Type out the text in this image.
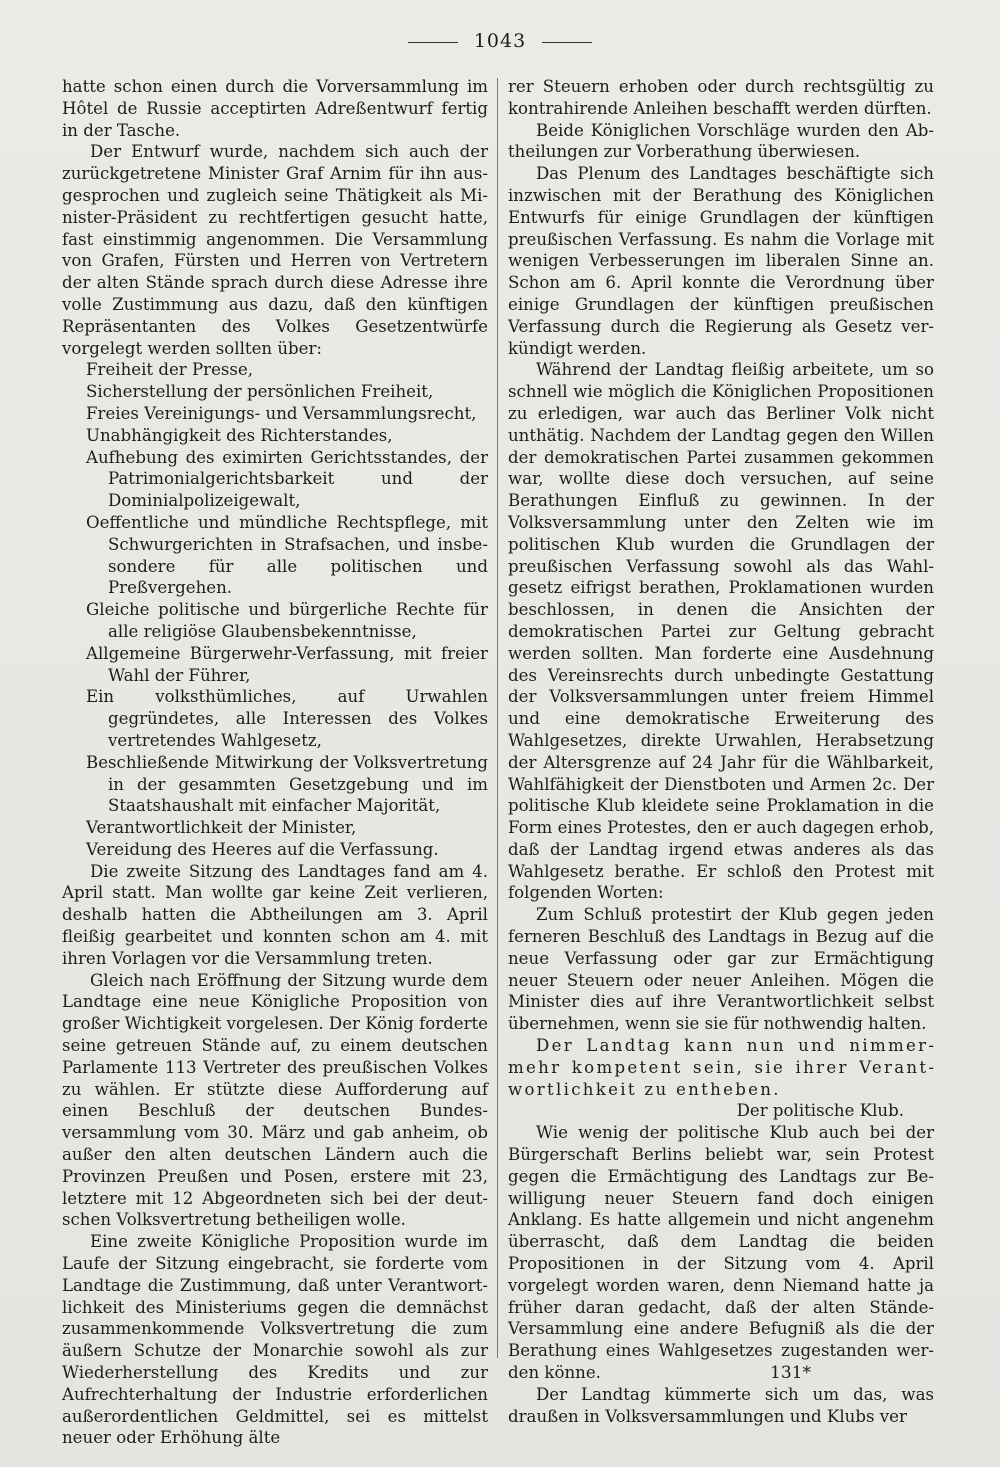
1043

hatte schon einen durch die Vorversammlung im Hôtel de Russie acceptirten Adreßentwurf fertig in der Tasche.

Der Entwurf wurde, nachdem sich auch der zurückgetretene Minister Graf Arnim für ihn ausgesprochen und zugleich seine Thätigkeit als Minister-Präsident zu rechtfertigen gesucht hatte, fast einstimmig angenommen. Die Versammlung von Grafen, Fürsten und Herren von Vertretern der alten Stände sprach durch diese Adresse ihre volle Zustimmung aus dazu, daß den künftigen Repräsentanten des Volkes Gesetzentwürfe vorgelegt werden sollten über:

Freiheit der Presse,

Sicherstellung der persönlichen Freiheit,

Freies Vereinigungs- und Versammlungsrecht,

Unabhängigkeit des Richterstandes,

Aufhebung des eximirten Gerichtsstandes, der Patrimonialgerichtsbarkeit und der Dominialpolizeigewalt,

Oeffentliche und mündliche Rechtspflege, mit Schwurgerichten in Strafsachen, und insbesondere für alle politischen und Preßvergehen.

Gleiche politische und bürgerliche Rechte für alle religiöse Glaubensbekenntnisse,

Allgemeine Bürgerwehr-Verfassung, mit freier Wahl der Führer,

Ein volksthümliches, auf Urwahlen gegründetes, alle Interessen des Volkes vertretendes Wahlgesetz,

Beschließende Mitwirkung der Volksvertretung in der gesammten Gesetzgebung und im Staatshaushalt mit einfacher Majorität,

Verantwortlichkeit der Minister,

Vereidung des Heeres auf die Verfassung.

Die zweite Sitzung des Landtages fand am 4. April statt. Man wollte gar keine Zeit verlieren, deshalb hatten die Abtheilungen am 3. April fleißig gearbeitet und konnten schon am 4. mit ihren Vorlagen vor die Versammlung treten.

Gleich nach Eröffnung der Sitzung wurde dem Landtage eine neue Königliche Proposition von großer Wichtigkeit vorgelesen. Der König forderte seine getreuen Stände auf, zu einem deutschen Parlamente 113 Vertreter des preußischen Volkes zu wählen. Er stützte diese Aufforderung auf einen Beschluß der deutschen Bundesversammlung vom 30. März und gab anheim, ob außer den alten deutschen Ländern auch die Provinzen Preußen und Posen, erstere mit 23, letztere mit 12 Abgeordneten sich bei der deutschen Volksvertretung betheiligen wolle.

Eine zweite Königliche Proposition wurde im Laufe der Sitzung eingebracht, sie forderte vom Landtage die Zustimmung, daß unter Verantwortlichkeit des Ministeriums gegen die demnächst zusammenkommende Volksvertretung die zum äußern Schutze der Monarchie sowohl als zur Wiederherstellung des Kredits und zur Aufrechterhaltung der Industrie erforderlichen außerordentlichen Geldmittel, sei es mittelst neuer oder Erhöhung älte

rer Steuern erhoben oder durch rechtsgültig zu kontrahirende Anleihen beschafft werden dürften.

Beide Königlichen Vorschläge wurden den Abtheilungen zur Vorberathung überwiesen.

Das Plenum des Landtages beschäftigte sich inzwischen mit der Berathung des Königlichen Entwurfs für einige Grundlagen der künftigen preußischen Verfassung. Es nahm die Vorlage mit wenigen Verbesserungen im liberalen Sinne an. Schon am 6. April konnte die Verordnung über einige Grundlagen der künftigen preußischen Verfassung durch die Regierung als Gesetz verkündigt werden.

Während der Landtag fleißig arbeitete, um so schnell wie möglich die Königlichen Propositionen zu erledigen, war auch das Berliner Volk nicht unthätig. Nachdem der Landtag gegen den Willen der demokratischen Partei zusammen gekommen war, wollte diese doch versuchen, auf seine Berathungen Einfluß zu gewinnen. In der Volksversammlung unter den Zelten wie im politischen Klub wurden die Grundlagen der preußischen Verfassung sowohl als das Wahlgesetz eifrigst berathen, Proklamationen wurden beschlossen, in denen die Ansichten der demokratischen Partei zur Geltung gebracht werden sollten. Man forderte eine Ausdehnung des Vereinsrechts durch unbedingte Gestattung der Volksversammlungen unter freiem Himmel und eine demokratische Erweiterung des Wahlgesetzes, direkte Urwahlen, Herabsetzung der Altersgrenze auf 24 Jahr für die Wählbarkeit, Wahlfähigkeit der Dienstboten und Armen 2c. Der politische Klub kleidete seine Proklamation in die Form eines Protestes, den er auch dagegen erhob, daß der Landtag irgend etwas anderes als das Wahlgesetz berathe. Er schloß den Protest mit folgenden Worten:

Zum Schluß protestirt der Klub gegen jeden ferneren Beschluß des Landtags in Bezug auf die neue Verfassung oder gar zur Ermächtigung neuer Steuern oder neuer Anleihen. Mögen die Minister dies auf ihre Verantwortlichkeit selbst übernehmen, wenn sie sie für nothwendig halten.

Der Landtag kann nun und nimmermehr kompetent sein, sie ihrer Verantwortlichkeit zu entheben.

Der politische Klub.

Wie wenig der politische Klub auch bei der Bürgerschaft Berlins beliebt war, sein Protest gegen die Ermächtigung des Landtags zur Bewilligung neuer Steuern fand doch einigen Anklang. Es hatte allgemein und nicht angenehm überrascht, daß dem Landtag die beiden Propositionen in der Sitzung vom 4. April vorgelegt worden waren, denn Niemand hatte ja früher daran gedacht, daß der alten StändeVersammlung eine andere Befugniß als die der Berathung eines Wahlgesetzes zugestanden werden könne.

Der Landtag kümmerte sich um das, was draußen in Volksversammlungen und Klubs ver

131*
